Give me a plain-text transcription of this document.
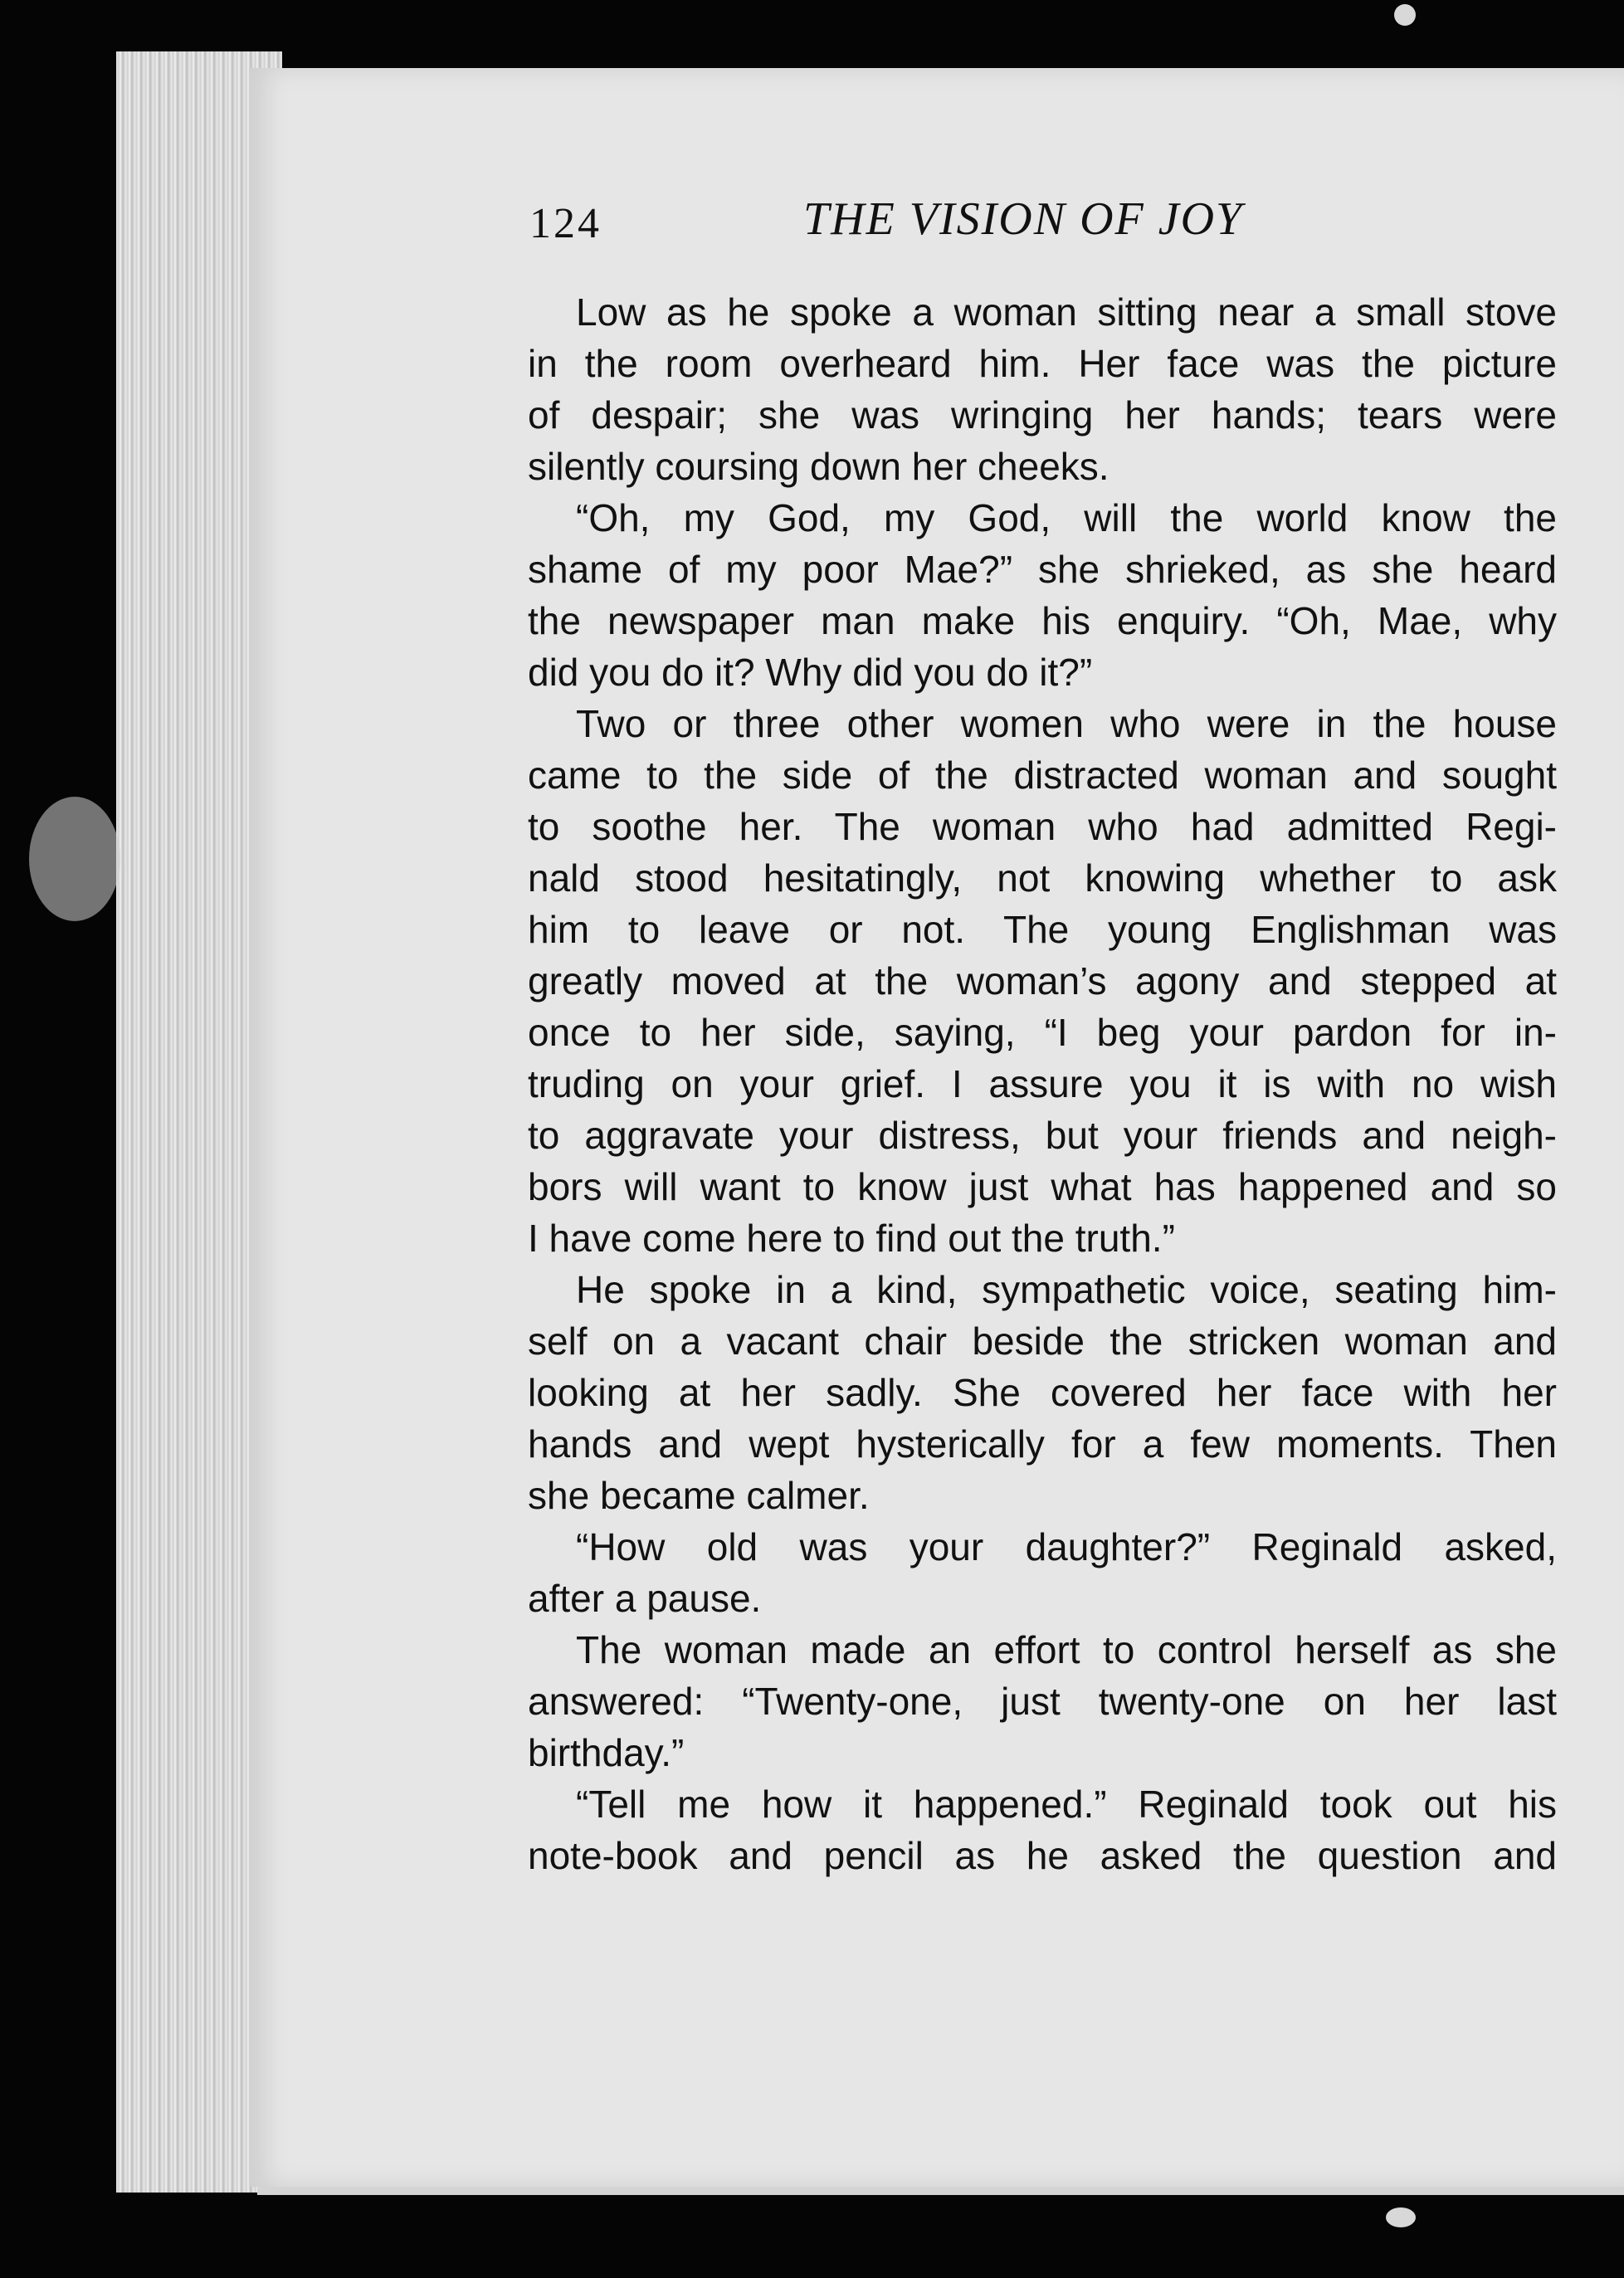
124	THE VISION OF JOY
Low as he spoke a woman sitting near a small stove
in the room overheard him. Her face was the picture
of despair; she was wringing her hands; tears were
silently coursing down her cheeks.
“Oh, my God, my God, will the world know the
shame of my poor Mae?” she shrieked, as she heard
the newspaper man make his enquiry. “Oh, Mae, why
did you do it? Why did you do it?”
Two or three other women who were in the house
came to the side of the distracted woman and sought
to soothe her. The woman who had admitted Regi-
nald stood hesitatingly, not knowing whether to ask
him to leave or not. The young Englishman was
greatly moved at the woman’s agony and stepped at
once to her side, saying, “I beg your pardon for in-
truding on your grief. I assure you it is with no wish
to aggravate your distress, but your friends and neigh-
bors will want to know just what has happened and so
I have come here to find out the truth.”
He spoke in a kind, sympathetic voice, seating him-
self on a vacant chair beside the stricken woman and
looking at her sadly. She covered her face with her
hands and wept hysterically for a few moments. Then
she became calmer.
“How old was your daughter?” Reginald asked,
after a pause.
The woman made an effort to control herself as she
answered: “Twenty-one, just twenty-one on her last
birthday.”
“Tell me how it happened.” Reginald took out his
note-book and pencil as he asked the question and
